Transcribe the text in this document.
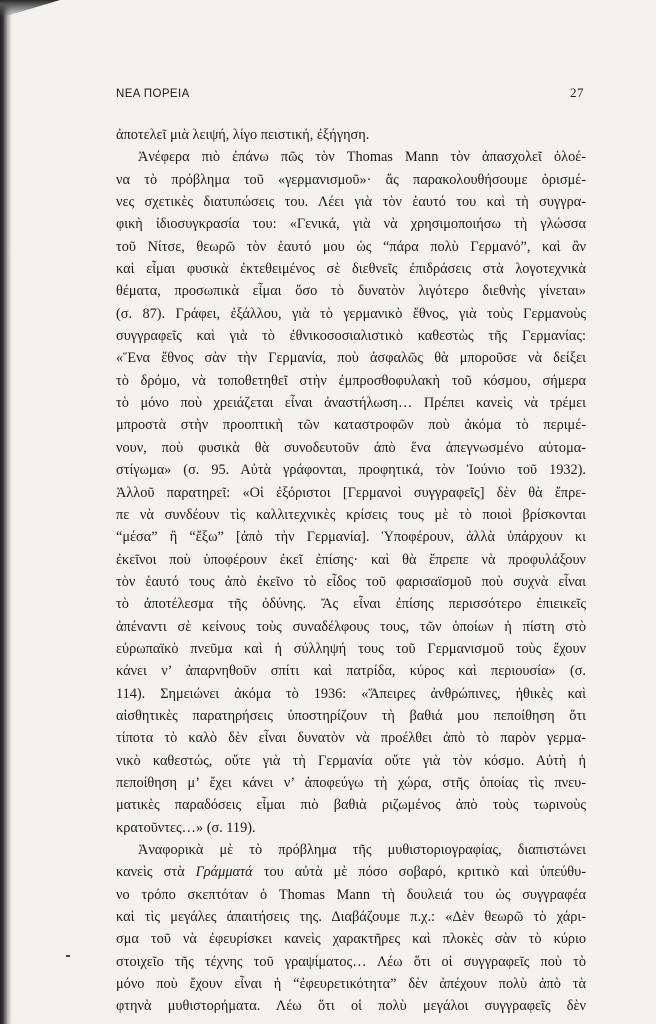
ΝΕΑ ΠΟΡΕΙΑ	27
ἀποτελεῖ μιὰ λειψή, λίγο πειστική, ἐξήγηση.
Ἀνέφερα πιὸ ἐπάνω πῶς τὸν Thomas Mann τὸν ἀπασχολεῖ ὁλοέ-
να τὸ πρόβλημα τοῦ «γερμανισμοῦ»· ἄς παρακολουθήσουμε ὁρισμέ-
νες σχετικὲς διατυπώσεις του. Λέει γιὰ τὸν ἑαυτό του καὶ τὴ συγγρα-
φικὴ ἰδιοσυγκρασία του: «Γενικά, γιὰ νὰ χρησιμοποιήσω τὴ γλώσσα
τοῦ Νίτσε, θεωρῶ τὸν ἑαυτό μου ὡς “πάρα πολὺ Γερμανό”, καὶ ἂν
καὶ εἶμαι φυσικὰ ἐκτεθειμένος σὲ διεθνεῖς ἐπιδράσεις στὰ λογοτεχνικὰ
θέματα, προσωπικὰ εἶμαι ὅσο τὸ δυνατὸν λιγότερο διεθνὴς γίνεται»
(σ. 87). Γράφει, ἐξάλλου, γιὰ τὸ γερμανικὸ ἔθνος, γιὰ τοὺς Γερμανοὺς
συγγραφεῖς καὶ γιὰ τὸ ἐθνικοσοσιαλιστικὸ καθεστὼς τῆς Γερμανίας:
«Ἕνα ἔθνος σὰν τὴν Γερμανία, ποὺ ἀσφαλῶς θὰ μποροῦσε νὰ δείξει
τὸ δρόμο, νὰ τοποθετηθεῖ στὴν ἐμπροσθοφυλακὴ τοῦ κόσμου, σήμερα
τὸ μόνο ποὺ χρειάζεται εἶναι ἀναστήλωση… Πρέπει κανεὶς νὰ τρέμει
μπροστὰ στὴν προοπτικὴ τῶν καταστροφῶν ποὺ ἀκόμα τὸ περιμέ-
νουν, ποὺ φυσικὰ θὰ συνοδευτοῦν ἀπὸ ἕνα ἀπεγνωσμένο αὐτομα-
στίγωμα» (σ. 95. Αὐτὰ γράφονται, προφητικά, τὸν Ἰούνιο τοῦ 1932).
Ἀλλοῦ παρατηρεῖ: «Οἱ ἐξόριστοι [Γερμανοὶ συγγραφεῖς] δὲν θὰ ἔπρε-
πε νὰ συνδέουν τὶς καλλιτεχνικὲς κρίσεις τους μὲ τὸ ποιοὶ βρίσκονται
“μέσα” ἢ “ἔξω” [ἀπὸ τὴν Γερμανία]. Ὑποφέρουν, ἀλλὰ ὑπάρχουν κι
ἐκεῖνοι ποὺ ὑποφέρουν ἐκεῖ ἐπίσης· καὶ θὰ ἔπρεπε νὰ προφυλάξουν
τὸν ἑαυτό τους ἀπὸ ἐκεῖνο τὸ εἶδος τοῦ φαρισαϊσμοῦ ποὺ συχνὰ εἶναι
τὸ ἀποτέλεσμα τῆς ὀδύνης. Ἄς εἶναι ἐπίσης περισσότερο ἐπιεικεῖς
ἀπέναντι σὲ κείνους τοὺς συναδέλφους τους, τῶν ὁποίων ἡ πίστη στὸ
εὐρωπαϊκὸ πνεῦμα καὶ ἡ σύλληψή τους τοῦ Γερμανισμοῦ τοὺς ἔχουν
κάνει ν’ ἀπαρνηθοῦν σπίτι καὶ πατρίδα, κύρος καὶ περιουσία» (σ.
114). Σημειώνει ἀκόμα τὸ 1936: «Ἄπειρες ἀνθρώπινες, ἠθικὲς καὶ
αἰσθητικὲς παρατηρήσεις ὑποστηρίζουν τὴ βαθιά μου πεποίθηση ὅτι
τίποτα τὸ καλὸ δὲν εἶναι δυνατὸν νὰ προέλθει ἀπὸ τὸ παρὸν γερμα-
νικὸ καθεστώς, οὔτε γιὰ τὴ Γερμανία οὔτε γιὰ τὸν κόσμο. Αὐτὴ ἡ
πεποίθηση μ’ ἔχει κάνει ν’ ἀποφεύγω τὴ χώρα, στῆς ὁποίας τὶς πνευ-
ματικὲς παραδόσεις εἶμαι πιὸ βαθιὰ ριζωμένος ἀπὸ τοὺς τωρινοὺς
κρατοῦντες…» (σ. 119).
Ἀναφορικὰ μὲ τὸ πρόβλημα τῆς μυθιστοριογραφίας, διαπιστώνει
κανεὶς στὰ Γράμματά του αὐτὰ μὲ πόσο σοβαρό, κριτικὸ καὶ ὑπεύθυ-
νο τρόπο σκεπτόταν ὁ Thomas Mann τὴ δουλειά του ὡς συγγραφέα
καὶ τὶς μεγάλες ἀπαιτήσεις της. Διαβάζουμε π.χ.: «Δὲν θεωρῶ τὸ χάρι-
σμα τοῦ νὰ ἐφευρίσκει κανεὶς χαρακτῆρες καὶ πλοκὲς σὰν τὸ κύριο
στοιχεῖο τῆς τέχνης τοῦ γραψίματος… Λέω ὅτι οἱ συγγραφεῖς ποὺ τὸ
μόνο ποὺ ἔχουν εἶναι ἡ “ἐφευρετικότητα” δὲν ἀπέχουν πολὺ ἀπὸ τὰ
φτηνὰ μυθιστορήματα. Λέω ὅτι οἱ πολὺ μεγάλοι συγγραφεῖς δὲν
